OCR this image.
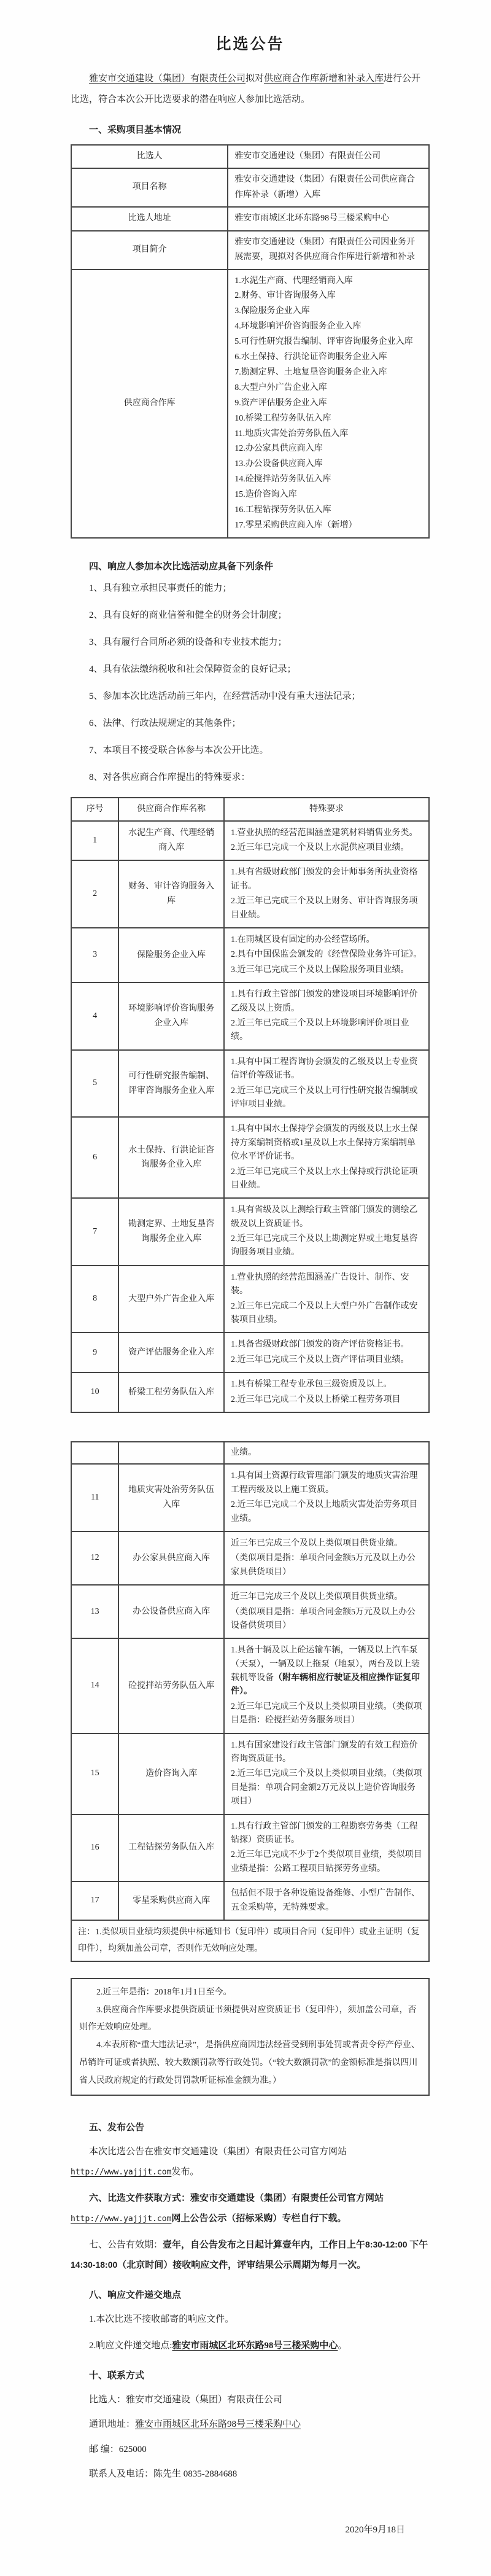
比选公告

雅安市交通建设（集团）有限责任公司拟对供应商合作库新增和补录入库进行公开比选，符合本次公开比选要求的潜在响应人参加比选活动。

一、采购项目基本情况
比选人	雅安市交通建设（集团）有限责任公司
项目名称	雅安市交通建设（集团）有限责任公司供应商合作库补录（新增）入库
比选人地址	雅安市雨城区北环东路98号三楼采购中心
项目简介	雅安市交通建设（集团）有限责任公司因业务开展需要，现拟对各供应商合作库进行新增和补录
供应商合作库	
1.水泥生产商、代理经销商入库
2.财务、审计咨询服务入库
3.保险服务企业入库
4.环境影响评价咨询服务企业入库
5.可行性研究报告编制、评审咨询服务企业入库
6.水土保持、行洪论证咨询服务企业入库
7.勘测定界、土地复垦咨询服务企业入库
8.大型户外广告企业入库
9.资产评估服务企业入库
10.桥梁工程劳务队伍入库
11.地质灾害处治劳务队伍入库
12.办公家具供应商入库
13.办公设备供应商入库
14.砼搅拌站劳务队伍入库
15.造价咨询入库
16.工程钻探劳务队伍入库
17.零星采购供应商入库（新增）
四、响应人参加本次比选活动应具备下列条件

1、具有独立承担民事责任的能力；

2、具有良好的商业信誉和健全的财务会计制度；

3、具有履行合同所必须的设备和专业技术能力；

4、具有依法缴纳税收和社会保障资金的良好记录；

5、参加本次比选活动前三年内，在经营活动中没有重大违法记录；

6、法律、行政法规规定的其他条件；

7、本项目不接受联合体参与本次公开比选。

8、对各供应商合作库提出的特殊要求：

序号	供应商合作库名称	特殊要求
1	水泥生产商、代理经销商入库	1.营业执照的经营范围涵盖建筑材料销售业务类。
2.近三年已完成一个及以上水泥供应项目业绩。

2	财务、审计咨询服务入库	1.具有省级财政部门颁发的会计师事务所执业资格证书。
2.近三年已完成三个及以上财务、审计咨询服务项目业绩。

3	保险服务企业入库	1.在雨城区设有固定的办公经营场所。
2.具有中国保监会颁发的《经营保险业务许可证》。
3.近三年已完成三个及以上保险服务项目业绩。

4	环境影响评价咨询服务企业入库	1.具有行政主管部门颁发的建设项目环境影响评价乙级及以上资质。
2.近三年已完成三个及以上环境影响评价项目业绩。

5	可行性研究报告编制、评审咨询服务企业入库	1.具有中国工程咨询协会颁发的乙级及以上专业资信评价等级证书。
2.近三年已完成三个及以上可行性研究报告编制或评审项目业绩。

6	水土保持、行洪论证咨询服务企业入库	1.具有中国水土保持学会颁发的丙级及以上水土保持方案编制资格或1星及以上水土保持方案编制单位水平评价证书。
2.近三年已完成三个及以上水土保持或行洪论证项目业绩。

7	勘测定界、土地复垦咨询服务企业入库	1.具有省级及以上测绘行政主管部门颁发的测绘乙级及以上资质证书。
2.近三年已完成三个及以上勘测定界或土地复垦咨询服务项目业绩。

8	大型户外广告企业入库	1.营业执照的经营范围涵盖广告设计、制作、安装。
2.近三年已完成二个及以上大型户外广告制作或安装项目业绩。

9	资产评估服务企业入库	1.具备省级财政部门颁发的资产评估资格证书。
2.近三年已完成三个及以上资产评估项目业绩。

10	桥梁工程劳务队伍入库	1.具有桥梁工程专业承包三级资质及以上。
2.近三年已完成二个及以上桥梁工程劳务项目
		业绩。
11	地质灾害处治劳务队伍入库	1.具有国土资源行政管理部门颁发的地质灾害治理工程丙级及以上施工资质。
2.近三年已完成二个及以上地质灾害处治劳务项目业绩。

12	办公家具供应商入库	近三年已完成三个及以上类似项目供货业绩。
（类似项目是指：单项合同金额5万元及以上办公家具供货项目）

13	办公设备供应商入库	近三年已完成三个及以上类似项目供货业绩。
（类似项目是指：单项合同金额5万元及以上办公设备供货项目）

14	砼搅拌站劳务队伍入库	1.具备十辆及以上砼运输车辆，一辆及以上汽车泵（天泵），一辆及以上拖泵（地泵），两台及以上装载机等设备（附车辆相应行驶证及相应操作证复印件）。
2.近三年已完成三个及以上类似项目业绩。（类似项目是指：砼搅拦站劳务服务项目）

15	造价咨询入库	1.具有国家建设行政主管部门颁发的有效工程造价咨询资质证书。
2.近三年已完成三个及以上类似项目业绩。（类似项目是指：单项合同金额2万元及以上造价咨询服务项目）

16	工程钻探劳务队伍入库	1.具有行政主管部门颁发的工程勘察劳务类（工程钻探）资质证书。
2.近三年已完成不少于2个类似项目业绩，类似项目业绩是指：公路工程项目钻探劳务业绩。

17	零星采购供应商入库	包括但不限于各种设施设备维修、小型广告制作、五金采购等，无特殊要求。

注：1.类似项目业绩均须提供中标通知书（复印件）或项目合同（复印件）或业主证明（复印件），均须加盖公司章，否则作无效响应处理。		

2.近三年是指：2018年1月1日至今。

3.供应商合作库要求提供资质证书须提供对应资质证书（复印件），须加盖公司章，否则作无效响应处理。

4.本表所称“重大违法记录”，是指供应商因违法经营受到刑事处罚或者责令停产停业、吊销许可证或者执照、较大数额罚款等行政处罚。（“较大数额罚款”的金额标准是指以四川省人民政府规定的行政处罚罚款听证标准金额为准。）

五、发布公告

本次比选公告在雅安市交通建设（集团）有限责任公司官方网站http://www.yajjjt.com发布。

六、比选文件获取方式：雅安市交通建设（集团）有限责任公司官方网站http://www.yajjjt.com网上公告公示（招标采购）专栏自行下载。

七、公告有效期：壹年，自公告发布之日起计算壹年内，工作日上午8:30-12:00 下午14:30-18:00（北京时间）接收响应文件，评审结果公示周期为每月一次。

八、响应文件递交地点

1.本次比选不接收邮寄的响应文件。

2.响应文件递交地点:雅安市雨城区北环东路98号三楼采购中心。

十、联系方式

比选人：雅安市交通建设（集团）有限责任公司

通讯地址：雅安市雨城区北环东路98号三楼采购中心

邮 编：625000

联系人及电话：陈先生 0835-2884688

2020年9月18日
